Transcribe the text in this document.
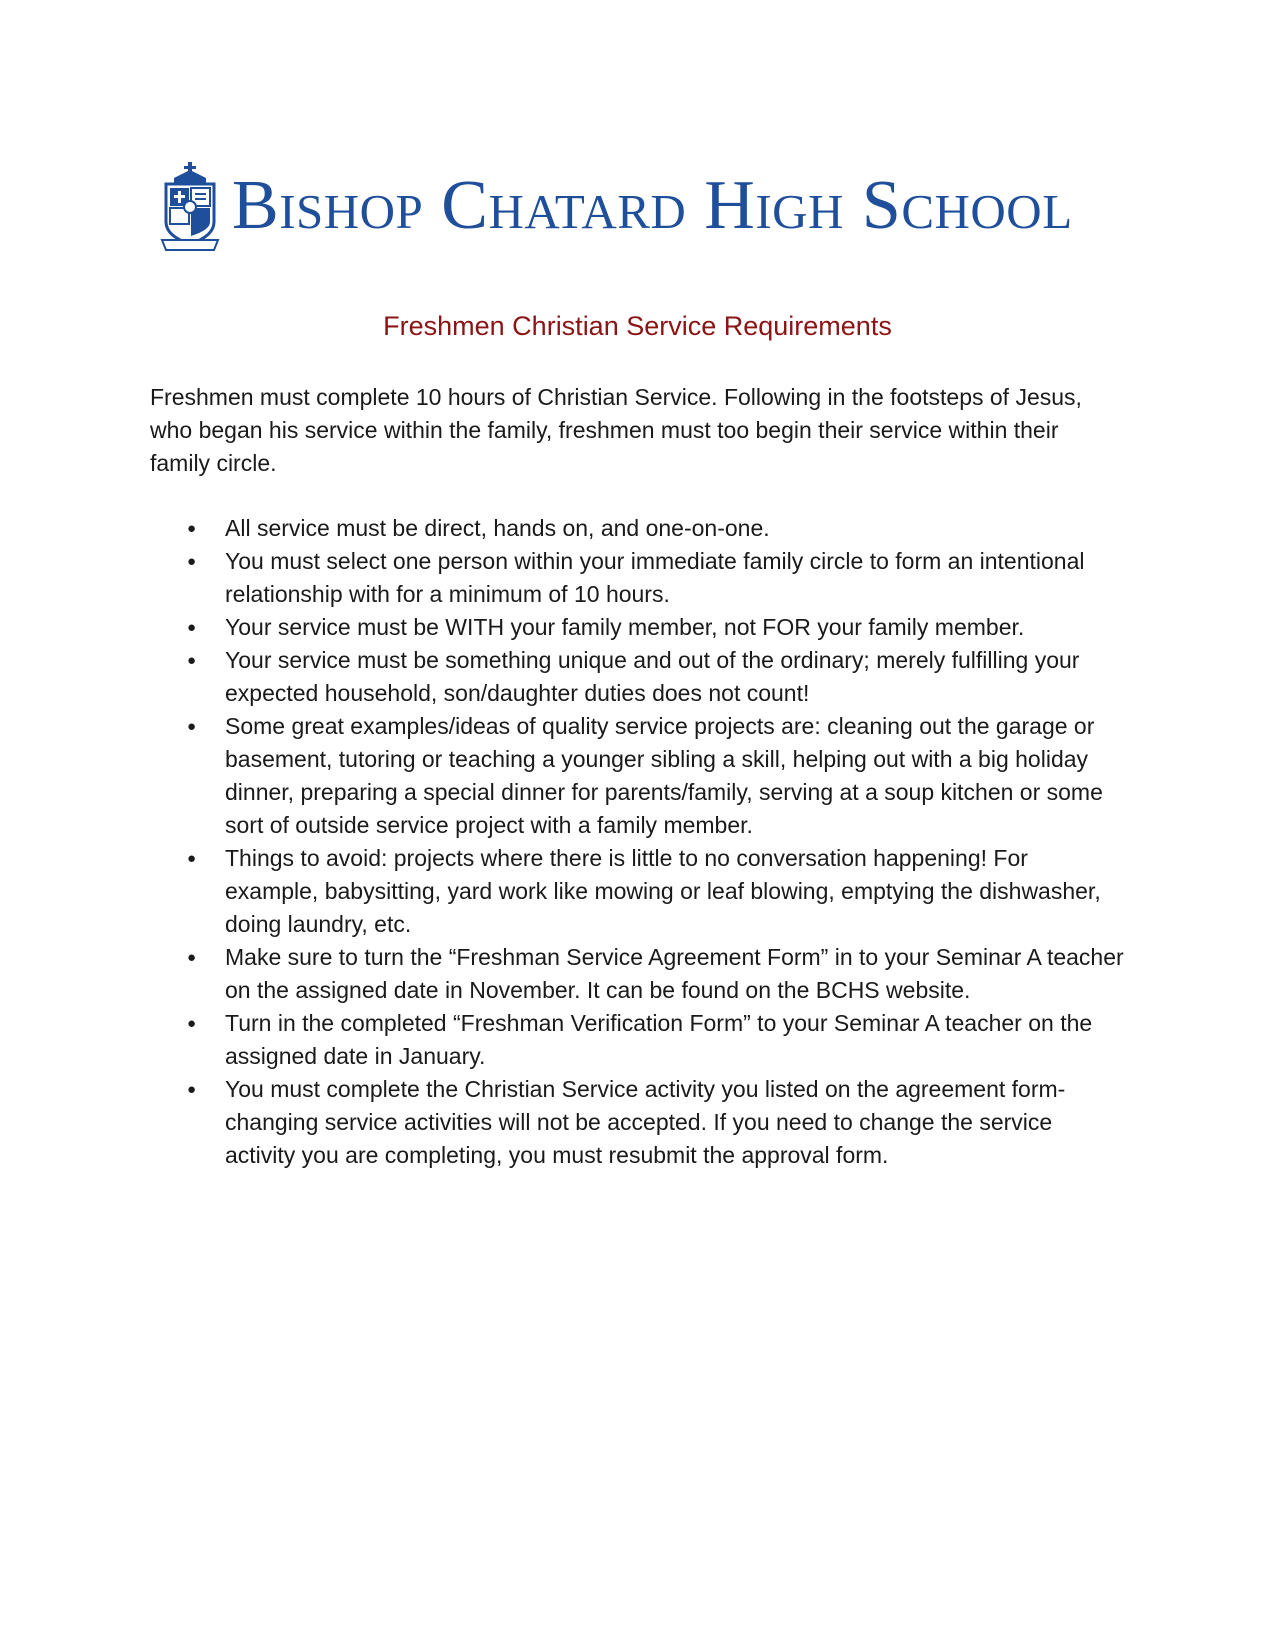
Bishop Chatard High School
Freshmen Christian Service Requirements

Freshmen must complete 10 hours of Christian Service. Following in the footsteps of Jesus, who began his service within the family, freshmen must too begin their service within their family circle.

● All service must be direct, hands on, and one-on-one.
● You must select one person within your immediate family circle to form an intentional relationship with for a minimum of 10 hours.
● Your service must be WITH your family member, not FOR your family member.
● Your service must be something unique and out of the ordinary; merely fulfilling your expected household, son/daughter duties does not count!
● Some great examples/ideas of quality service projects are: cleaning out the garage or basement, tutoring or teaching a younger sibling a skill, helping out with a big holiday dinner, preparing a special dinner for parents/family, serving at a soup kitchen or some sort of outside service project with a family member.
● Things to avoid: projects where there is little to no conversation happening! For example, babysitting, yard work like mowing or leaf blowing, emptying the dishwasher, doing laundry, etc.
● Make sure to turn the “Freshman Service Agreement Form” in to your Seminar A teacher on the assigned date in November. It can be found on the BCHS website.
● Turn in the completed “Freshman Verification Form” to your Seminar A teacher on the assigned date in January.
● You must complete the Christian Service activity you listed on the agreement form- changing service activities will not be accepted. If you need to change the service activity you are completing, you must resubmit the approval form.
